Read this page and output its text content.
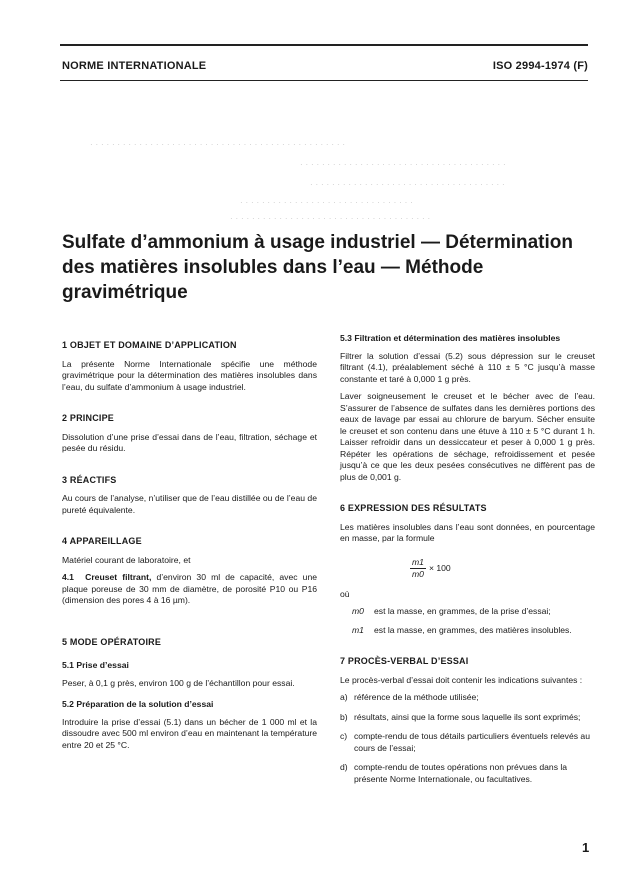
NORME INTERNATIONALE	ISO 2994-1974 (F)
· · · · · · · · · · · · · · · · · · · · · · · · · · · · · · · · · · · · · · · · · · · · · · ·
· · · · · · · · · · · · · · · · · · · · · · · · · · · · · · · · · · · · · ·
· · · · · · · · · · · · · · · · · · · · · · · · · · · · · · · · · · · ·
· · · · · · · · · · · · · · · · · · · · · · · · · · · · · · · ·
· · · · · · · · · · · · · · · · · · · · · · · · · · · · · · · · · · · · ·
Sulfate d’ammonium à usage industriel — Détermination des matières insolubles dans l’eau — Méthode gravimétrique
1 OBJET ET DOMAINE D’APPLICATION

La présente Norme Internationale spécifie une méthode gravimétrique pour la détermination des matières insolubles dans l’eau, du sulfate d’ammonium à usage industriel.

2 PRINCIPE

Dissolution d’une prise d’essai dans de l’eau, filtration, séchage et pesée du résidu.

3 RÉACTIFS

Au cours de l’analyse, n’utiliser que de l’eau distillée ou de l’eau de pureté équivalente.

4 APPAREILLAGE

Matériel courant de laboratoire, et

4.1 Creuset filtrant, d’environ 30 ml de capacité, avec une plaque poreuse de 30 mm de diamètre, de porosité P10 ou P16 (dimension des pores 4 à 16 µm).

5 MODE OPÉRATOIRE
5.1 Prise d’essai

Peser, à 0,1 g près, environ 100 g de l’échantillon pour essai.

5.2 Préparation de la solution d’essai

Introduire la prise d’essai (5.1) dans un bécher de 1 000 ml et la dissoudre avec 500 ml environ d’eau en maintenant la température entre 20 et 25 °C.

5.3 Filtration et détermination des matières insolubles

Filtrer la solution d’essai (5.2) sous dépression sur le creuset filtrant (4.1), préalablement séché à 110 ± 5 °C jusqu’à masse constante et taré à 0,000 1 g près.

Laver soigneusement le creuset et le bécher avec de l’eau. S’assurer de l’absence de sulfates dans les dernières portions des eaux de lavage par essai au chlorure de baryum. Sécher ensuite le creuset et son contenu dans une étuve à 110 ± 5 °C durant 1 h. Laisser refroidir dans un dessiccateur et peser à 0,000 1 g près. Répéter les opérations de séchage, refroidissement et pesée jusqu’à ce que les deux pesées consécutives ne diffèrent pas de plus de 0,001 g.

6 EXPRESSION DES RÉSULTATS

Les matières insolubles dans l’eau sont données, en pourcentage en masse, par la formule

$\frac{m1}{m0} \times 100$

où

m0	est la masse, en grammes, de la prise d’essai;
m1	est la masse, en grammes, des matières insolubles.
7 PROCÈS-VERBAL D’ESSAI

Le procès-verbal d’essai doit contenir les indications suivantes :

a) référence de la méthode utilisée;
b) résultats, ainsi que la forme sous laquelle ils sont exprimés;
c) compte-rendu de tous détails particuliers éventuels relevés au cours de l’essai;
d) compte-rendu de toutes opérations non prévues dans la présente Norme Internationale, ou facultatives.
1
